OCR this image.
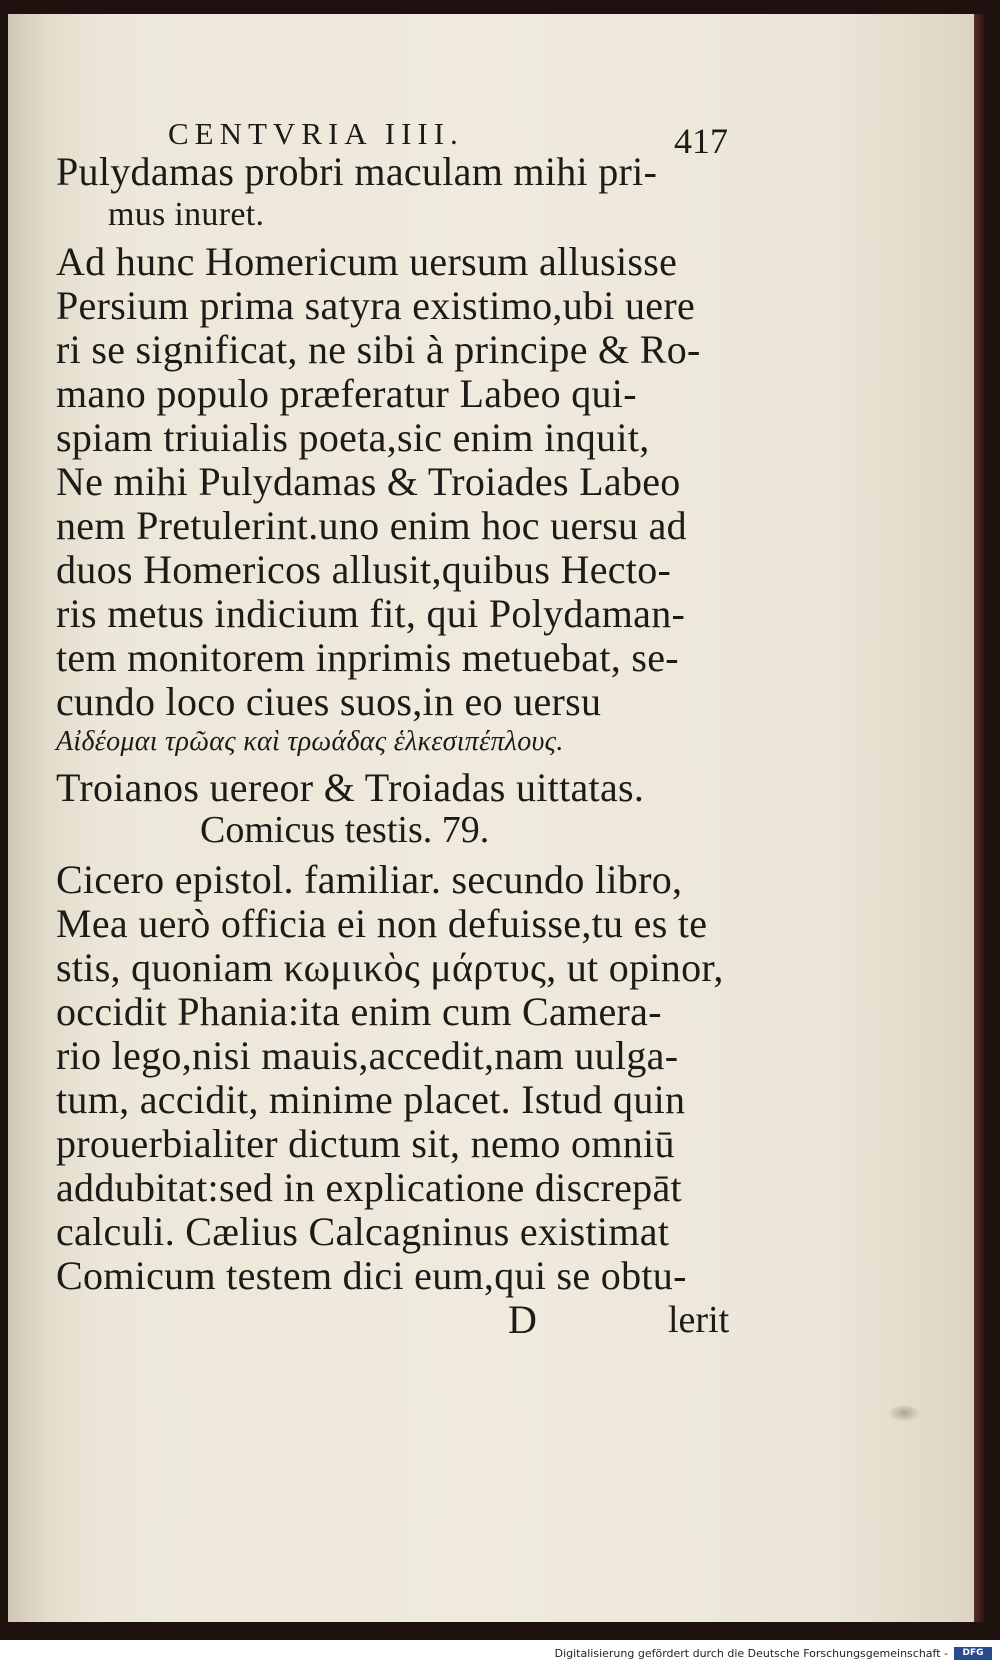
CENTVRIA IIII.	417
Pulydamas probri maculam mihi pri-
mus inuret.
Ad hunc Homericum uersum allusisse
Persium prima satyra existimo,ubi uere
ri se significat, ne sibi à principe & Ro-
mano populo præferatur Labeo qui-
spiam triuialis poeta,sic enim inquit,
Ne mihi Pulydamas & Troiades Labeo
nem Pretulerint.uno enim hoc uersu ad
duos Homericos allusit,quibus Hecto-
ris metus indicium fit, qui Polydaman-
tem monitorem inprimis metuebat, se-
cundo loco ciues suos,in eo uersu
Αἰδέομαι τρῶας καὶ τρωάδας ἑλκεσιπέπλους.
Troianos uereor & Troiadas uittatas.
Comicus testis. 79.
Cicero epistol. familiar. secundo libro,
Mea uerò officia ei non defuisse,tu es te
stis, quoniam κωμικὸς μάρτυς, ut opinor,
occidit Phania:ita enim cum Camera-
rio lego,nisi mauis,accedit,nam uulga-
tum, accidit, minime placet. Istud quin
prouerbialiter dictum sit, nemo omniū
addubitat:sed in explicatione discrepāt
calculi. Cælius Calcagninus existimat
Comicum testem dici eum,qui se obtu-
D	lerit
Digitalisierung gefördert durch die Deutsche Forschungsgemeinschaft -	DFG
